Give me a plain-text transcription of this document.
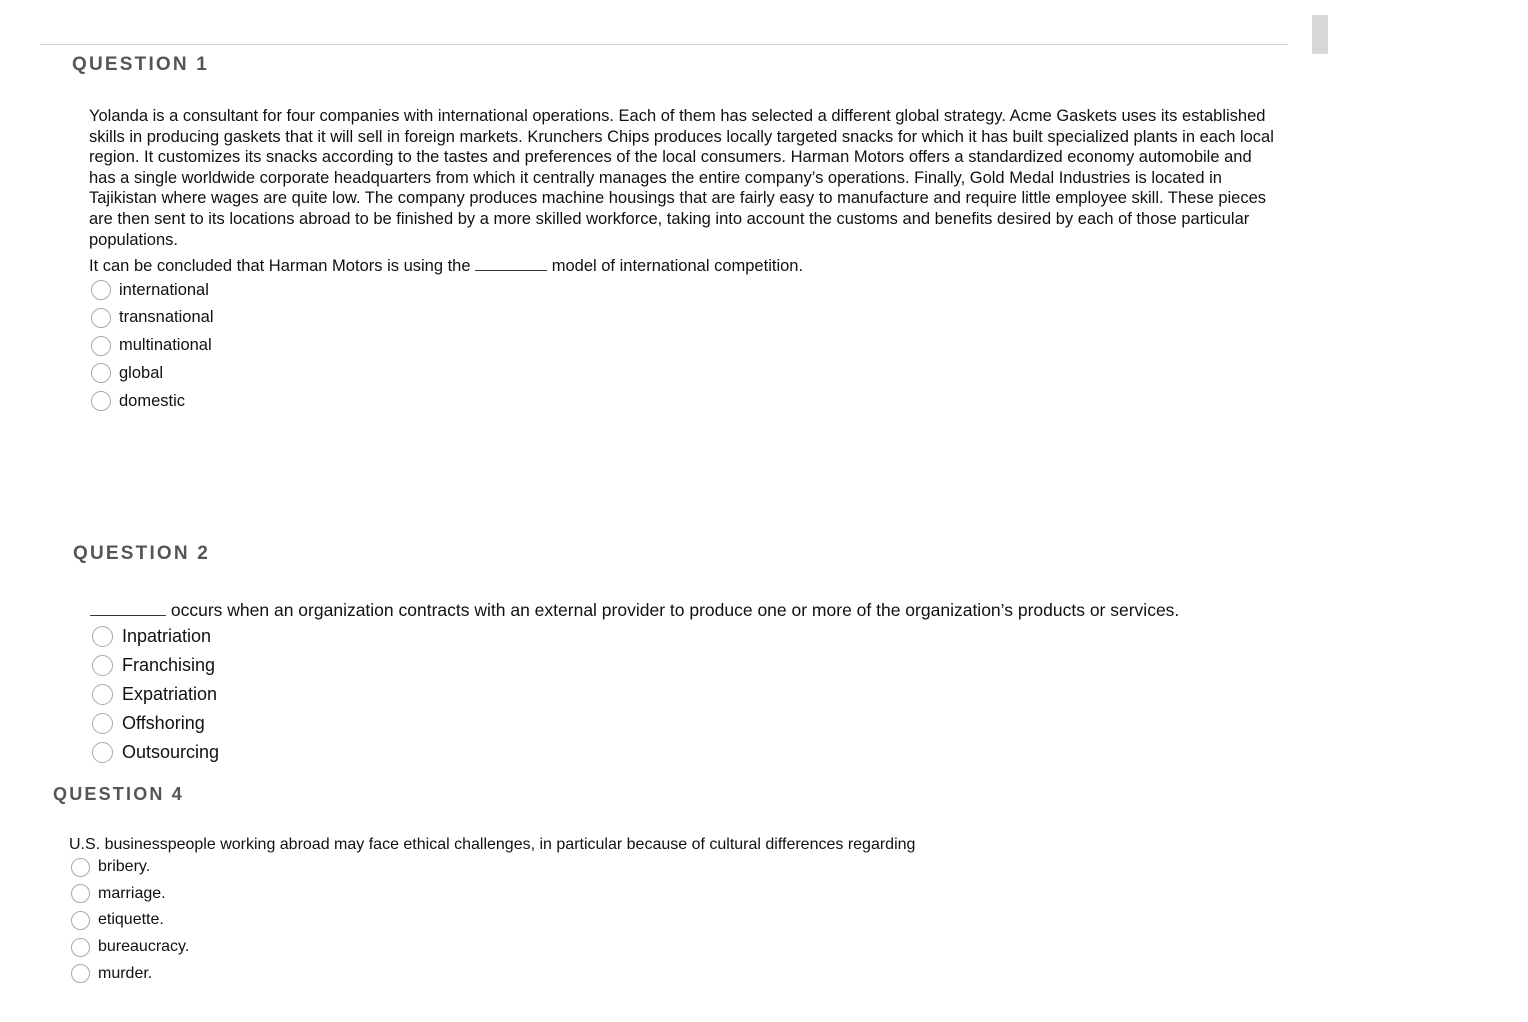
QUESTION 1

Yolanda is a consultant for four companies with international operations. Each of them has selected a different global strategy. Acme Gaskets uses its established skills in producing gaskets that it will sell in foreign markets. Krunchers Chips produces locally targeted snacks for which it has built specialized plants in each local region. It customizes its snacks according to the tastes and preferences of the local consumers. Harman Motors offers a standardized economy automobile and has a single worldwide corporate headquarters from which it centrally manages the entire company’s operations. Finally, Gold Medal Industries is located in Tajikistan where wages are quite low. The company produces machine housings that are fairly easy to manufacture and require little employee skill. These pieces are then sent to its locations abroad to be finished by a more skilled workforce, taking into account the customs and benefits desired by each of those particular populations.

It can be concluded that Harman Motors is using the	model of international competition.

international
transnational
multinational
global
domestic
QUESTION 2

occurs when an organization contracts with an external provider to produce one or more of the organization’s products or services.

Inpatriation
Franchising
Expatriation
Offshoring
Outsourcing
QUESTION 4

U.S. businesspeople working abroad may face ethical challenges, in particular because of cultural differences regarding

bribery.
marriage.
etiquette.
bureaucracy.
murder.
